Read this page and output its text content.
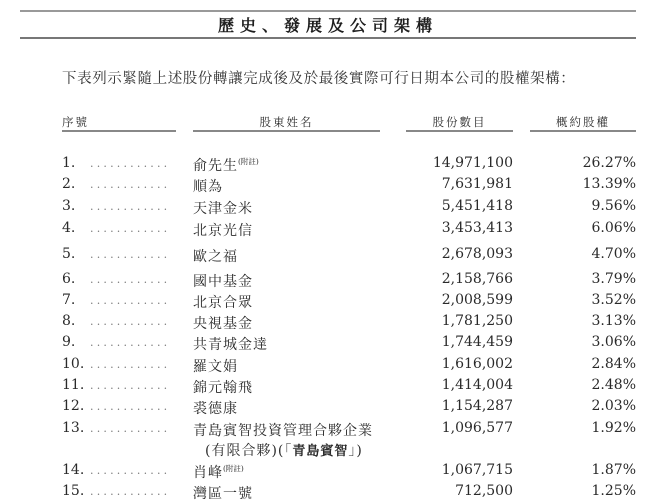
歷史、發展及公司架構
下表列示緊隨上述股份轉讓完成後及於最後實際可行日期本公司的股權架構：
序號	股東姓名	股份數目	概約股權
1. ............ 俞先生$^{(附註)}$	14,971,100	26.27%
2. ............ 順為	7,631,981	13.39%
3. ............ 天津金米	5,451,418	9.56%
4. ............ 北京光信	3,453,413	6.06%
5. ............ 歐之福	2,678,093	4.70%
6. ............ 國中基金	2,158,766	3.79%
7. ............ 北京合眾	2,008,599	3.52%
8. ............ 央視基金	1,781,250	3.13%
9. ............ 共青城金達	1,744,459	3.06%
10. ............ 羅文娟	1,616,002	2.84%
11. ............ 錦元翰飛	1,414,004	2.48%
12. ............ 裘德康	1,154,287	2.03%
13. ............ 青島賓智投資管理合夥企業	1,096,577	1.92%
(有限合夥)(「青島賓智」)
14. ............ 肖峰$^{(附註)}$	1,067,715	1.87%
15. ............ 灣區一號	712,500	1.25%
